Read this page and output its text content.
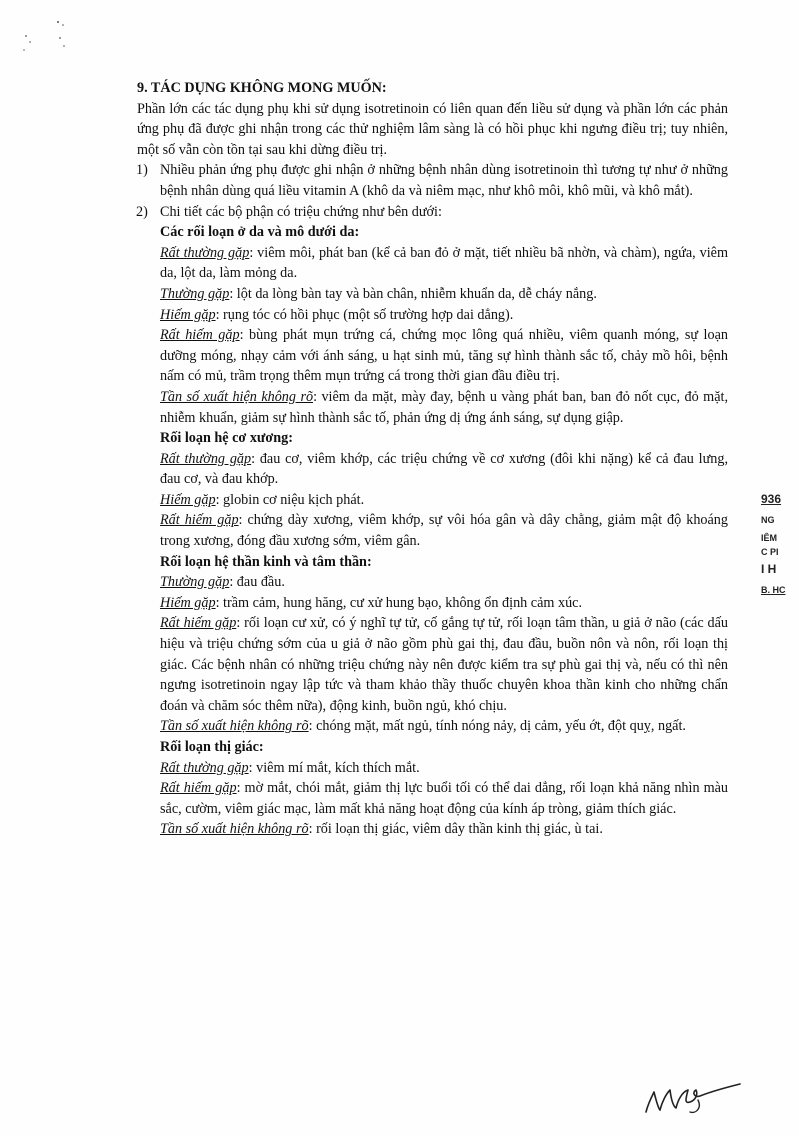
9. TÁC DỤNG KHÔNG MONG MUỐN:

Phần lớn các tác dụng phụ khi sử dụng isotretinoin có liên quan đến liều sử dụng và phần lớn các phản ứng phụ đã được ghi nhận trong các thử nghiệm lâm sàng là có hồi phục khi ngưng điều trị; tuy nhiên, một số vẫn còn tồn tại sau khi dừng điều trị.

1) Nhiều phản ứng phụ được ghi nhận ở những bệnh nhân dùng isotretinoin thì tương tự như ở những bệnh nhân dùng quá liều vitamin A (khô da và niêm mạc, như khô môi, khô mũi, và khô mắt).

2) Chi tiết các bộ phận có triệu chứng như bên dưới:

Các rối loạn ở da và mô dưới da:

Rất thường gặp: viêm môi, phát ban (kể cả ban đỏ ở mặt, tiết nhiều bã nhờn, và chàm), ngứa, viêm da, lột da, làm mỏng da.

Thường gặp: lột da lòng bàn tay và bàn chân, nhiễm khuẩn da, dễ cháy nắng.

Hiếm gặp: rụng tóc có hồi phục (một số trường hợp dai dẳng).

Rất hiếm gặp: bùng phát mụn trứng cá, chứng mọc lông quá nhiều, viêm quanh móng, sự loạn dưỡng móng, nhạy cảm với ánh sáng, u hạt sinh mủ, tăng sự hình thành sắc tố, chảy mồ hôi, bệnh nấm có mủ, trầm trọng thêm mụn trứng cá trong thời gian đầu điều trị.

Tần số xuất hiện không rõ: viêm da mặt, mày đay, bệnh u vàng phát ban, ban đỏ nốt cục, đỏ mặt, nhiễm khuẩn, giảm sự hình thành sắc tố, phản ứng dị ứng ánh sáng, sự dụng giập.

Rối loạn hệ cơ xương:

Rất thường gặp: đau cơ, viêm khớp, các triệu chứng về cơ xương (đôi khi nặng) kể cả đau lưng, đau cơ, và đau khớp.

Hiếm gặp: globin cơ niệu kịch phát.

Rất hiếm gặp: chứng dày xương, viêm khớp, sự vôi hóa gân và dây chằng, giảm mật độ khoáng trong xương, đóng đầu xương sớm, viêm gân.

Rối loạn hệ thần kinh và tâm thần:

Thường gặp: đau đầu.

Hiếm gặp: trầm cảm, hung hăng, cư xử hung bạo, không ổn định cảm xúc.

Rất hiếm gặp: rối loạn cư xử, có ý nghĩ tự tử, cố gắng tự tử, rối loạn tâm thần, u giả ở não (các dấu hiệu và triệu chứng sớm của u giả ở não gồm phù gai thị, đau đầu, buồn nôn và nôn, rối loạn thị giác. Các bệnh nhân có những triệu chứng này nên được kiểm tra sự phù gai thị và, nếu có thì nên ngưng isotretinoin ngay lập tức và tham khảo thầy thuốc chuyên khoa thần kinh cho những chẩn đoán và chăm sóc thêm nữa), động kinh, buồn ngủ, khó chịu.

Tần số xuất hiện không rõ: chóng mặt, mất ngủ, tính nóng nảy, dị cảm, yếu ớt, đột quỵ, ngất.

Rối loạn thị giác:

Rất thường gặp: viêm mí mắt, kích thích mắt.

Rất hiếm gặp: mờ mắt, chói mắt, giảm thị lực buổi tối có thể dai dẳng, rối loạn khả năng nhìn màu sắc, cườm, viêm giác mạc, làm mất khả năng hoạt động của kính áp tròng, giảm thích giác.

Tần số xuất hiện không rõ: rối loạn thị giác, viêm dây thần kinh thị giác, ù tai.

936
NG
IÊM
C PI
I H
B. HC
